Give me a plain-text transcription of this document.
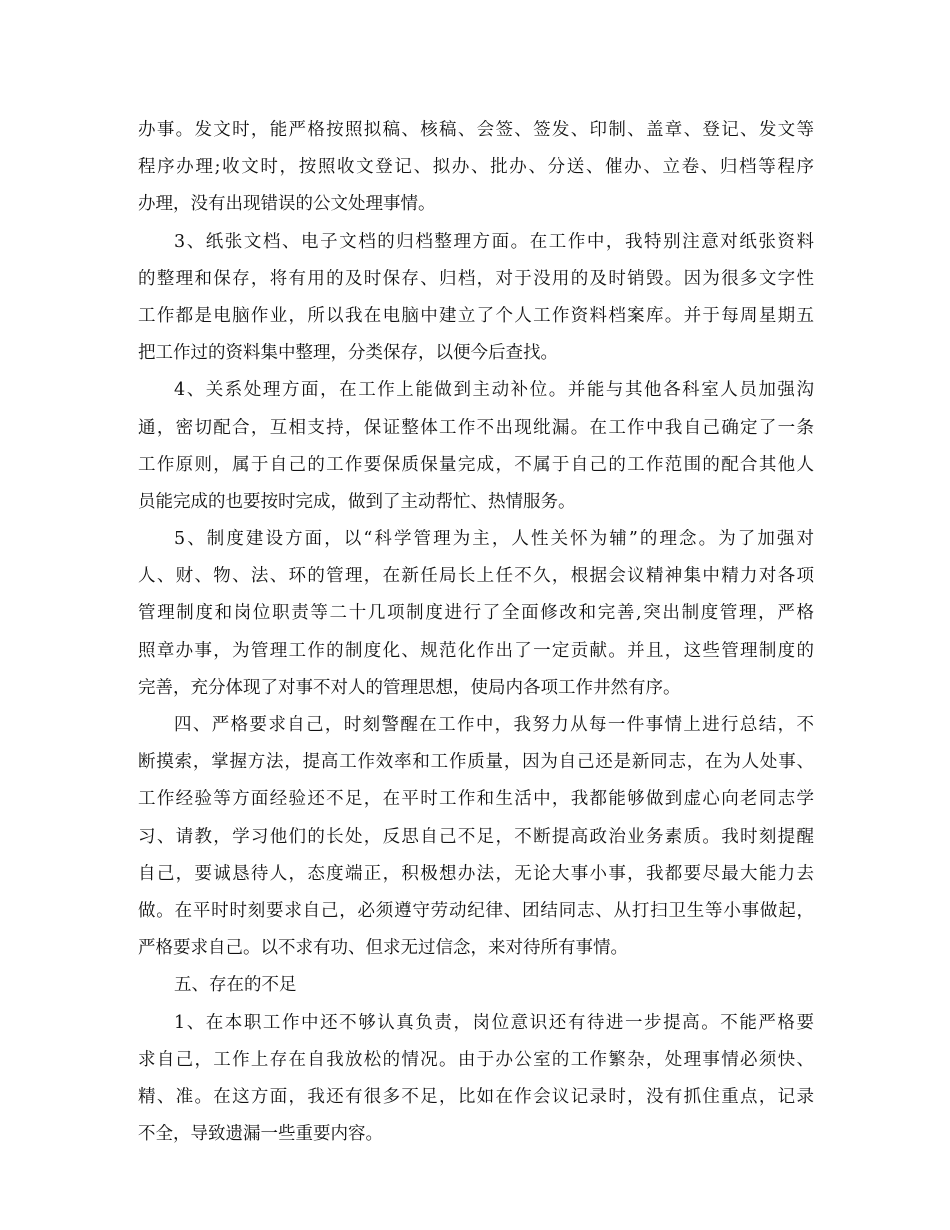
办事。发文时，能严格按照拟稿、核稿、会签、签发、印制、盖章、登记、发文等
程序办理;收文时，按照收文登记、拟办、批办、分送、催办、立卷、归档等程序
办理，没有出现错误的公文处理事情。
3、纸张文档、电子文档的归档整理方面。在工作中，我特别注意对纸张资料
的整理和保存，将有用的及时保存、归档，对于没用的及时销毁。因为很多文字性
工作都是电脑作业，所以我在电脑中建立了个人工作资料档案库。并于每周星期五
把工作过的资料集中整理，分类保存，以便今后查找。
4、关系处理方面，在工作上能做到主动补位。并能与其他各科室人员加强沟
通，密切配合，互相支持，保证整体工作不出现纰漏。在工作中我自己确定了一条
工作原则，属于自己的工作要保质保量完成，不属于自己的工作范围的配合其他人
员能完成的也要按时完成，做到了主动帮忙、热情服务。
5、制度建设方面，以“科学管理为主，人性关怀为辅”的理念。为了加强对
人、财、物、法、环的管理，在新任局长上任不久，根据会议精神集中精力对各项
管理制度和岗位职责等二十几项制度进行了全面修改和完善,突出制度管理，严格
照章办事，为管理工作的制度化、规范化作出了一定贡献。并且，这些管理制度的
完善，充分体现了对事不对人的管理思想，使局内各项工作井然有序。
四、严格要求自己，时刻警醒在工作中，我努力从每一件事情上进行总结，不
断摸索，掌握方法，提高工作效率和工作质量，因为自己还是新同志，在为人处事、
工作经验等方面经验还不足，在平时工作和生活中，我都能够做到虚心向老同志学
习、请教，学习他们的长处，反思自己不足，不断提高政治业务素质。我时刻提醒
自己，要诚恳待人，态度端正，积极想办法，无论大事小事，我都要尽最大能力去
做。在平时时刻要求自己，必须遵守劳动纪律、团结同志、从打扫卫生等小事做起，
严格要求自己。以不求有功、但求无过信念，来对待所有事情。
五、存在的不足
1、在本职工作中还不够认真负责，岗位意识还有待进一步提高。不能严格要
求自己，工作上存在自我放松的情况。由于办公室的工作繁杂，处理事情必须快、
精、准。在这方面，我还有很多不足，比如在作会议记录时，没有抓住重点，记录
不全，导致遗漏一些重要内容。
